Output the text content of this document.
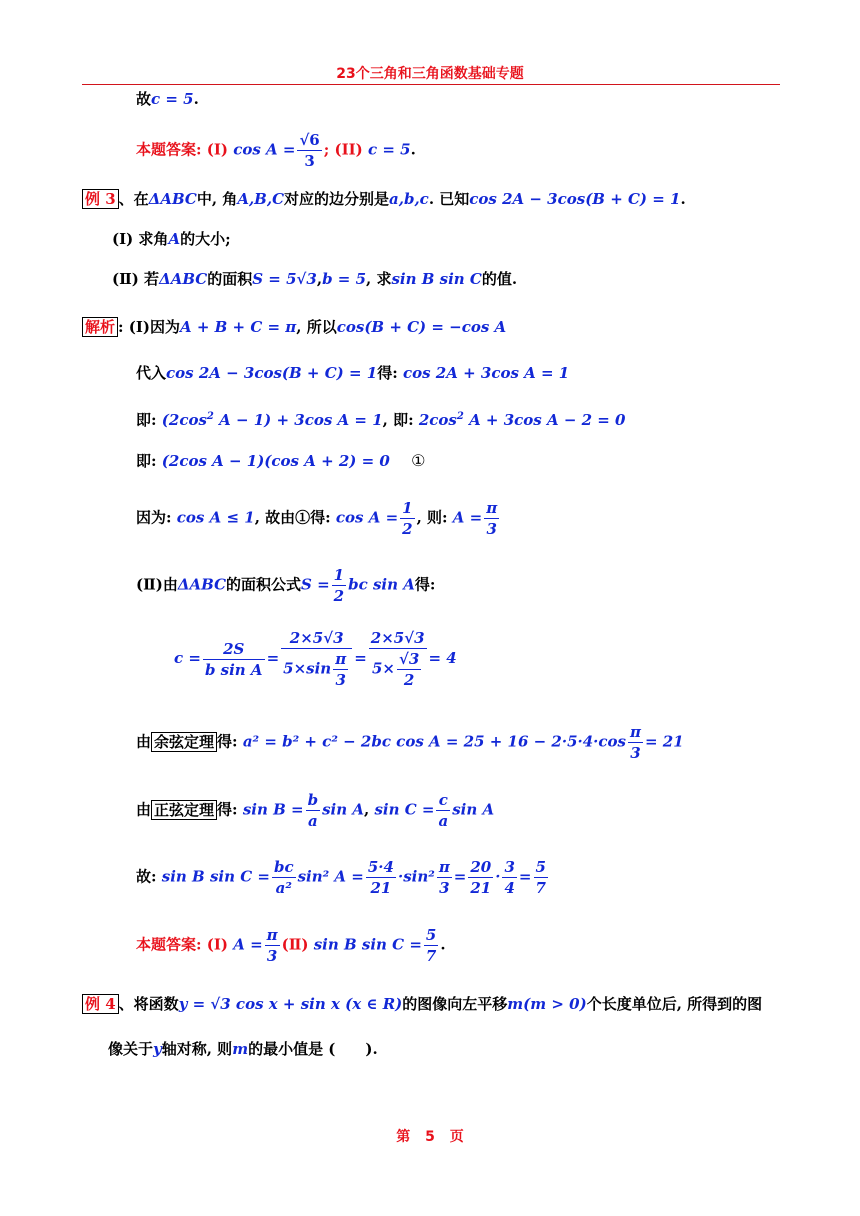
23个三角和三角函数基础专题
故c = 5.
本题答案: (I) $\cos A = \frac{√6}{3}$ ; (II) c = 5.
例 3 、在ΔABC中, 角A,B,C对应的边分别是a,b,c. 已知cos 2A − 3cos(B + C) = 1.
(Ⅰ) 求角A的大小;
(Ⅱ) 若ΔABC的面积S = 5√3,b = 5, 求sin B sin C的值.
解析 : (I)因为A + B + C = π, 所以cos(B + C) = −cos A
代入cos 2A − 3cos(B + C) = 1得: cos 2A + 3cos A = 1
即: ($2\cos^2$ A − 1) + 3cos A = 1, 即: $2\cos^2$ A + 3cos A − 2 = 0
即: (2cos A − 1)(cos A + 2) = 0 ①
因为: cos A ≤ 1, 故由①得: $\cos A = \frac{1}{2}$ , 则: $A = \frac{\pi}{3}$
(Ⅱ)由ΔABC的面积公式$S = \frac{1}{2}$ bc sin A得:
$c = \frac{2S}{\text{b sin A}} = \frac{2\times 5√3}{5\times\sin \frac{\pi}{3}} = \frac{2\times 5√3}{5\times \frac{√3}{2}} = 4$
由 余弦定理 得: a² = b² + c² − 2bc $\cos A = 25 + 16 - 2\cdot 5\cdot 4\cdot\cos \frac{\pi}{3} = 21$
由 正弦定理 得: $\sin B = \frac{b}{a}$ sin A, $\sin C = \frac{c}{a}$ sin A
故: sin B $\sin C = \frac{bc}{\text{a²}} \sin^2$ $A = \frac{5\cdot 4}{21} \cdot\sin^2 \frac{\pi}{3} = \frac{20}{21} \cdot \frac{3}{4} = \frac{5}{7}$
本题答案: (I) $A = \frac{\pi}{3}$ (Ⅱ) sin B $\sin C = \frac{5}{7}$ .
例 4 、将函数y = √3 cos x + sin x (x ∈ R)的图像向左平移m(m > 0)个长度单位后, 所得到的图
像关于y轴对称, 则m的最小值是 (　　).
第 5 页
